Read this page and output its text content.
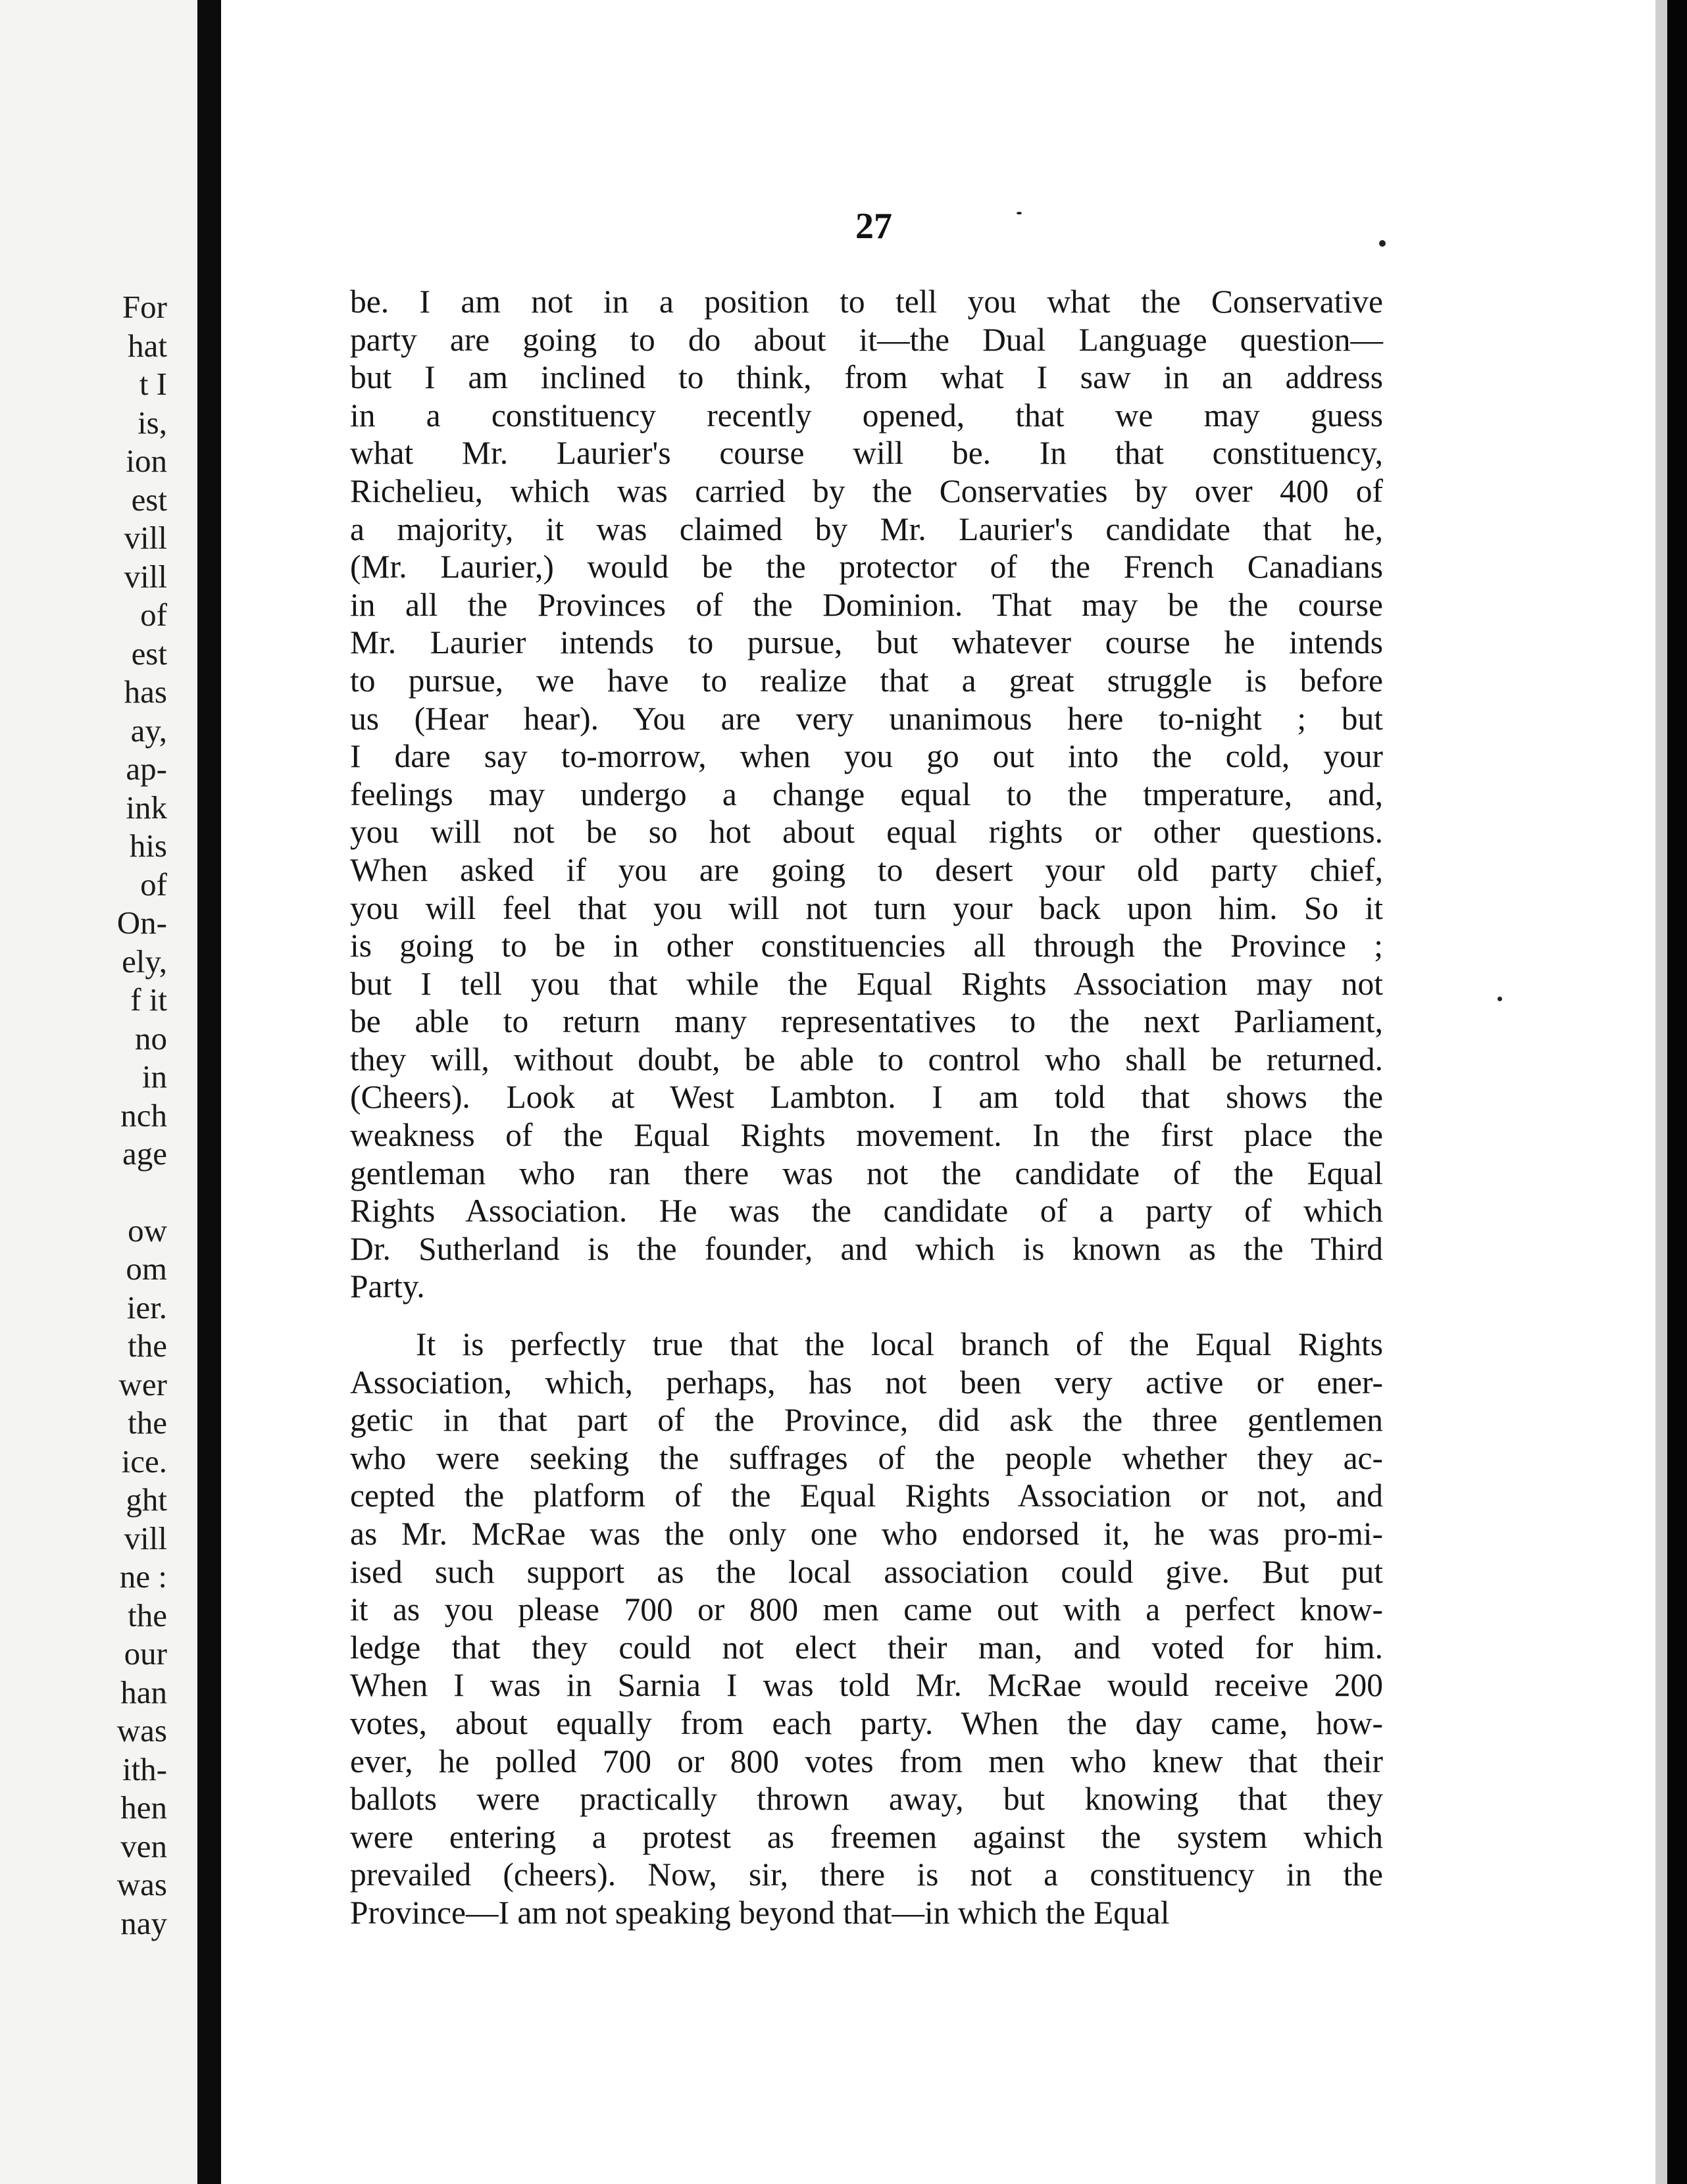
For
hat
t I
is,
ion
est
vill
vill
of
est
has
ay,
ap-
ink
his
of
On-
ely,
f it
no
in
nch
age
ow
om
ier.
the
wer
the
ice.
ght
vill
ne :
the
our
han
was
ith-
hen
ven
was
nay
27
be. I am not in a position to tell you what the Conservative
party are going to do about it—the Dual Language question—
but I am inclined to think, from what I saw in an address
in a constituency recently opened, that we may guess
what Mr. Laurier's course will be. In that constituency,
Richelieu, which was carried by the Conservaties by over 400 of
a majority, it was claimed by Mr. Laurier's candidate that he,
(Mr. Laurier,) would be the protector of the French Canadians
in all the Provinces of the Dominion. That may be the course
Mr. Laurier intends to pursue, but whatever course he intends
to pursue, we have to realize that a great struggle is before
us (Hear hear). You are very unanimous here to-night ; but
I dare say to-morrow, when you go out into the cold, your
feelings may undergo a change equal to the tmperature, and,
you will not be so hot about equal rights or other questions.
When asked if you are going to desert your old party chief,
you will feel that you will not turn your back upon him. So it
is going to be in other constituencies all through the Province ;
but I tell you that while the Equal Rights Association may not
be able to return many representatives to the next Parliament,
they will, without doubt, be able to control who shall be returned.
(Cheers). Look at West Lambton. I am told that shows the
weakness of the Equal Rights movement. In the first place the
gentleman who ran there was not the candidate of the Equal
Rights Association. He was the candidate of a party of which
Dr. Sutherland is the founder, and which is known as the Third
Party.
It is perfectly true that the local branch of the Equal Rights
Association, which, perhaps, has not been very active or ener-
getic in that part of the Province, did ask the three gentlemen
who were seeking the suffrages of the people whether they ac-
cepted the platform of the Equal Rights Association or not, and
as Mr. McRae was the only one who endorsed it, he was pro-mi-
ised such support as the local association could give. But put
it as you please 700 or 800 men came out with a perfect know-
ledge that they could not elect their man, and voted for him.
When I was in Sarnia I was told Mr. McRae would receive 200
votes, about equally from each party. When the day came, how-
ever, he polled 700 or 800 votes from men who knew that their
ballots were practically thrown away, but knowing that they
were entering a protest as freemen against the system which
prevailed (cheers). Now, sir, there is not a constituency in the
Province—I am not speaking beyond that—in which the Equal
